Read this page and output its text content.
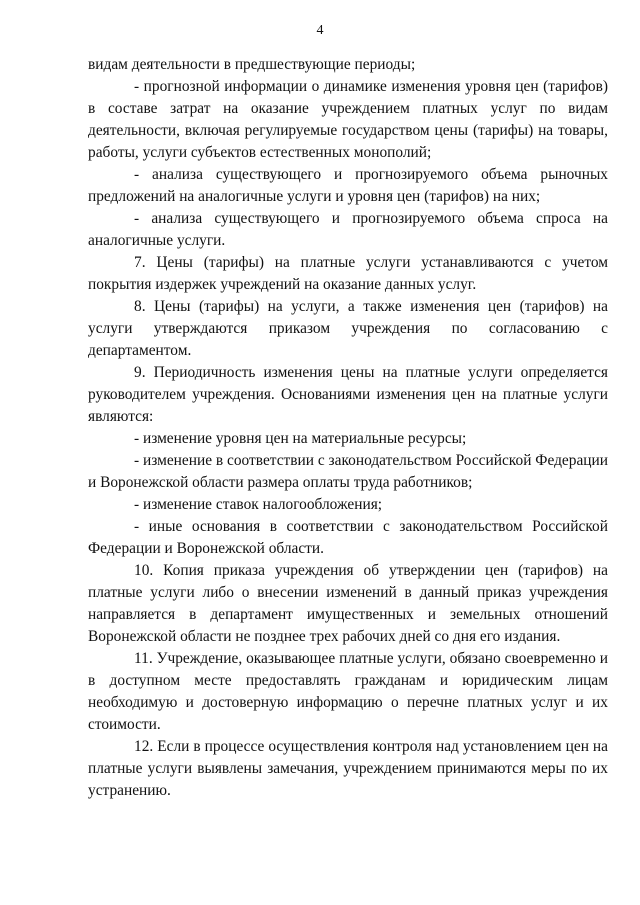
4

видам деятельности в предшествующие периоды;

- прогнозной информации о динамике изменения уровня цен (тарифов) в составе затрат на оказание учреждением платных услуг по видам деятельности, включая регулируемые государством цены (тарифы) на товары, работы, услуги субъектов естественных монополий;

- анализа существующего и прогнозируемого объема рыночных предложений на аналогичные услуги и уровня цен (тарифов) на них;

- анализа существующего и прогнозируемого объема спроса на аналогичные услуги.

7. Цены (тарифы) на платные услуги устанавливаются с учетом покрытия издержек учреждений на оказание данных услуг.

8. Цены (тарифы) на услуги, а также изменения цен (тарифов) на услуги утверждаются приказом учреждения по согласованию с департаментом.

9. Периодичность изменения цены на платные услуги определяется руководителем учреждения. Основаниями изменения цен на платные услуги являются:

- изменение уровня цен на материальные ресурсы;

- изменение в соответствии с законодательством Российской Федерации и Воронежской области размера оплаты труда работников;

- изменение ставок налогообложения;

- иные основания в соответствии с законодательством Российской Федерации и Воронежской области.

10. Копия приказа учреждения об утверждении цен (тарифов) на платные услуги либо о внесении изменений в данный приказ учреждения направляется в департамент имущественных и земельных отношений Воронежской области не позднее трех рабочих дней со дня его издания.

11. Учреждение, оказывающее платные услуги, обязано своевременно и в доступном месте предоставлять гражданам и юридическим лицам необходимую и достоверную информацию о перечне платных услуг и их стоимости.

12. Если в процессе осуществления контроля над установлением цен на платные услуги выявлены замечания, учреждением принимаются меры по их устранению.
